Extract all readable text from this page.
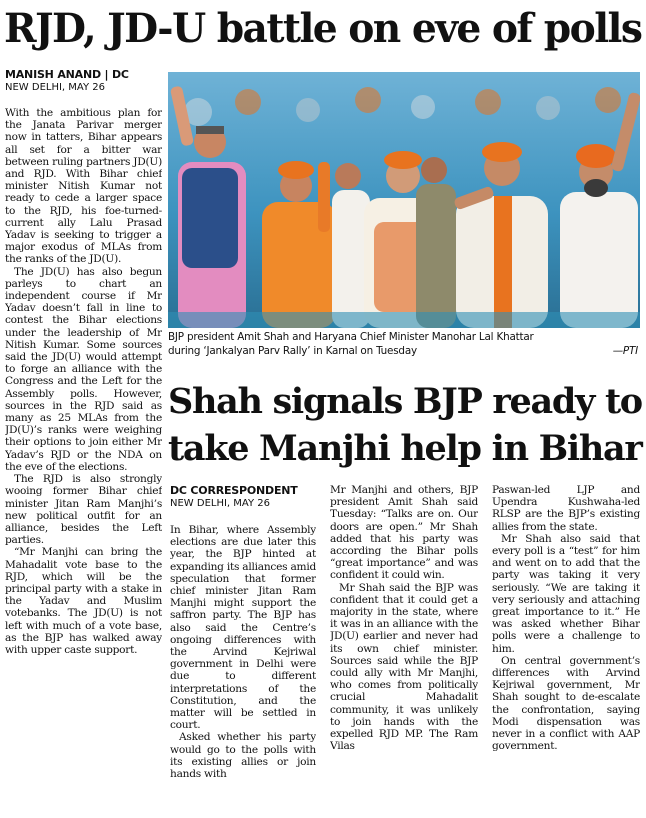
RJD, JD-U battle on eve of polls
MANISH ANAND | DC
NEW DELHI, MAY 26

With the ambitious plan for the Janata Parivar merger now in tatters, Bihar appears all set for a bitter war between ruling partners JD(U) and RJD. With Bihar chief minister Nitish Kumar not ready to cede a larger space to the RJD, his foe-turned-current ally Lalu Prasad Yadav is seeking to trigger a major exodus of MLAs from the ranks of the JD(U).

The JD(U) has also begun parleys to chart an independent course if Mr Yadav doesn’t fall in line to contest the Bihar elections under the leadership of Mr Nitish Kumar. Some sources said the JD(U) would attempt to forge an alliance with the Congress and the Left for the Assembly polls. However, sources in the RJD said as many as 25 MLAs from the JD(U)’s ranks were weighing their options to join either Mr Yadav’s RJD or the NDA on the eve of the elections.

The RJD is also strongly wooing former Bihar chief minister Jitan Ram Manjhi’s new political outfit for an alliance, besides the Left parties.

“Mr Manjhi can bring the Mahadalit vote base to the RJD, which will be the principal party with a stake in the Yadav and Muslim votebanks. The JD(U) is not left with much of a vote base, as the BJP has walked away with upper caste support.

BJP president Amit Shah and Haryana Chief Minister Manohar Lal Khattar
during ‘Jankalyan Parv Rally’ in Karnal on Tuesday	—PTI
Shah signals BJP ready to
take Manjhi help in Bihar
DC CORRESPONDENT
NEW DELHI, MAY 26

In Bihar, where Assembly elections are due later this year, the BJP hinted at expanding its alliances amid speculation that former chief minister Jitan Ram Manjhi might support the saffron party. The BJP has also said the Centre’s ongoing differences with the Arvind Kejriwal government in Delhi were due to different interpretations of the Constitution, and the matter will be settled in court.

Asked whether his party would go to the polls with its existing allies or join hands with

Mr Manjhi and others, BJP president Amit Shah said Tuesday: “Talks are on. Our doors are open.” Mr Shah added that his party was according the Bihar polls “great importance” and was confident it could win.

Mr Shah said the BJP was confident that it could get a majority in the state, where it was in an alliance with the JD(U) earlier and never had its own chief minister. Sources said while the BJP could ally with Mr Manjhi, who comes from politically crucial Mahadalit community, it was unlikely to join hands with the expelled RJD MP. The Ram Vilas

Paswan-led LJP and Upendra Kushwaha-led RLSP are the BJP’s existing allies from the state.

Mr Shah also said that every poll is a “test” for him and went on to add that the party was taking it very seriously. “We are taking it very seriously and attaching great importance to it.” He was asked whether Bihar polls were a challenge to him.

On central government’s differences with Arvind Kejriwal government, Mr Shah sought to de-escalate the confrontation, saying Modi dispensation was never in a conflict with AAP government.
